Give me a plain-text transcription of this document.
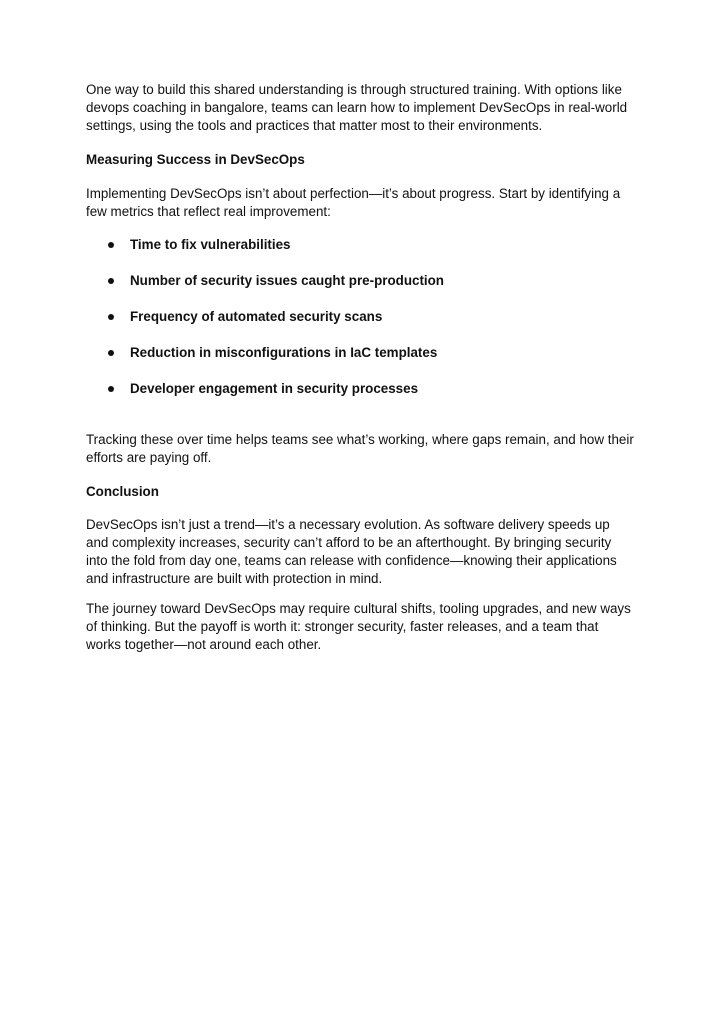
One way to build this shared understanding is through structured training. With options like
devops coaching in bangalore, teams can learn how to implement DevSecOps in real-world
settings, using the tools and practices that matter most to their environments.
Measuring Success in DevSecOps
Implementing DevSecOps isn’t about perfection—it’s about progress. Start by identifying a
few metrics that reflect real improvement:
Time to fix vulnerabilities
Number of security issues caught pre-production
Frequency of automated security scans
Reduction in misconfigurations in IaC templates
Developer engagement in security processes
Tracking these over time helps teams see what’s working, where gaps remain, and how their
efforts are paying off.
Conclusion
DevSecOps isn’t just a trend—it’s a necessary evolution. As software delivery speeds up
and complexity increases, security can’t afford to be an afterthought. By bringing security
into the fold from day one, teams can release with confidence—knowing their applications
and infrastructure are built with protection in mind.
The journey toward DevSecOps may require cultural shifts, tooling upgrades, and new ways
of thinking. But the payoff is worth it: stronger security, faster releases, and a team that
works together—not around each other.
